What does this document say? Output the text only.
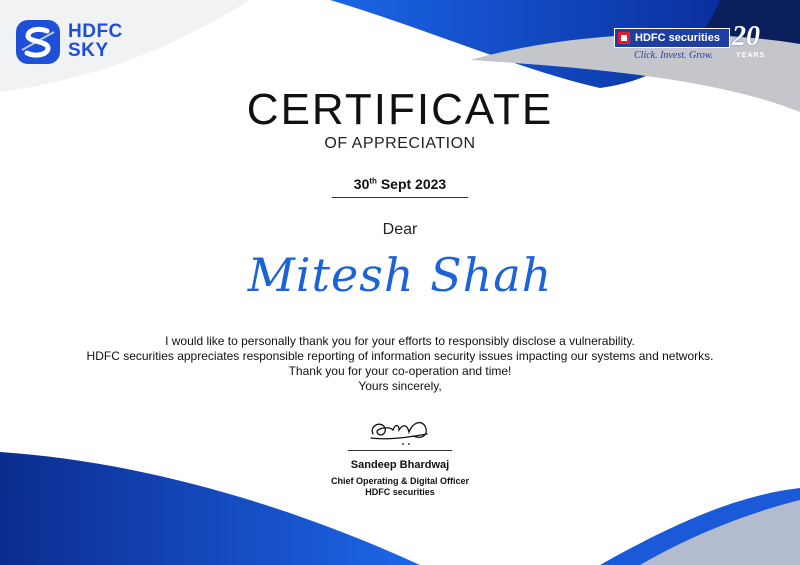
HDFC
SKY
HDFC securities
Click. Invest. Grow.
20
YEARS
CERTIFICATE
OF APPRECIATION
30th Sept 2023
Dear
Mitesh Shah
I would like to personally thank you for your efforts to responsibly disclose a vulnerability.
HDFC securities appreciates responsible reporting of information security issues impacting our systems and networks.
Thank you for your co-operation and time!
Yours sincerely,
Sandeep Bhardwaj
Chief Operating & Digital Officer
HDFC securities
